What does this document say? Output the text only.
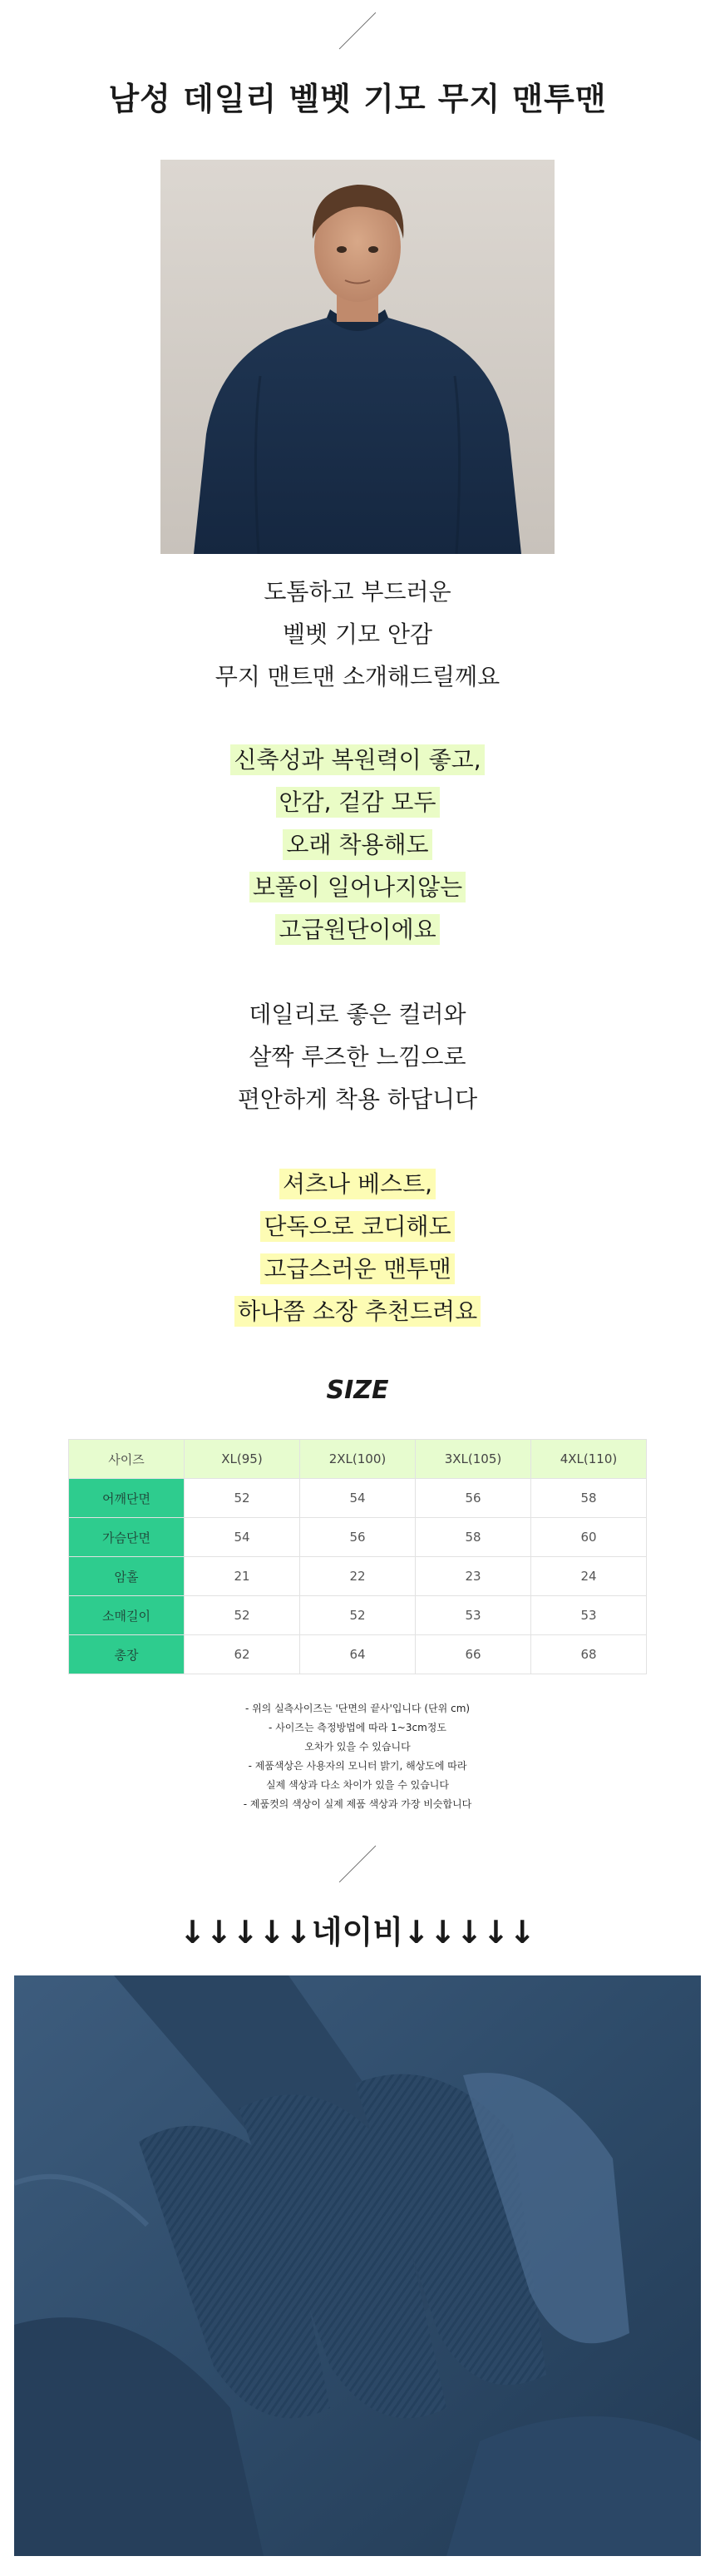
남성 데일리 벨벳 기모 무지 맨투맨
도톰하고 부드러운
벨벳 기모 안감
무지 맨트맨 소개해드릴께요
신축성과 복원력이 좋고,
안감, 겉감 모두
오래 착용해도
보풀이 일어나지않는
고급원단이에요
데일리로 좋은 컬러와
살짝 루즈한 느낌으로
편안하게 착용 하답니다
셔츠나 베스트,
단독으로 코디해도
고급스러운 맨투맨
하나쯤 소장 추천드려요
SIZE
사이즈	XL(95)	2XL(100)	3XL(105)	4XL(110)
어깨단면	52	54	56	58
가슴단면	54	56	58	60
암홀	21	22	23	24
소매길이	52	52	53	53
총장	62	64	66	68
- 위의 실측사이즈는 '단면의 끝사'입니다 (단위 cm)
- 사이즈는 측정방법에 따라 1~3cm정도
오차가 있을 수 있습니다
- 제품색상은 사용자의 모니터 밝기, 해상도에 따라
실제 색상과 다소 차이가 있을 수 있습니다
- 제품컷의 색상이 실제 제품 색상과 가장 비슷합니다
↓↓↓↓↓네이비↓↓↓↓↓
